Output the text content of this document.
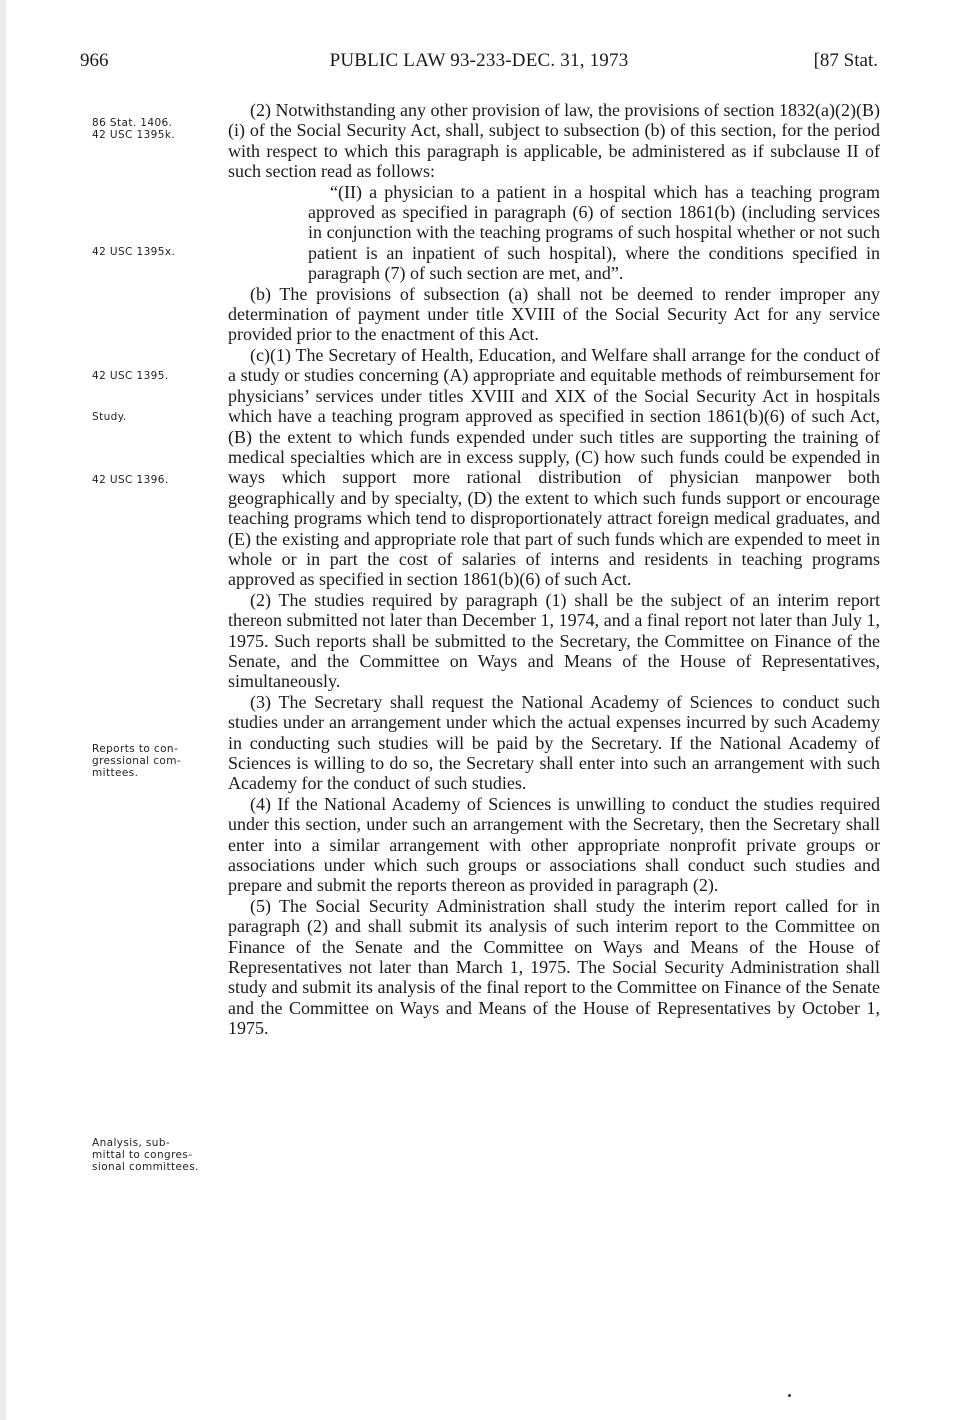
966	PUBLIC LAW 93-233-DEC. 31, 1973	[87 Stat.
86 Stat. 1406.
42 USC 1395k.
42 USC 1395x.
42 USC 1395.
Study.
42 USC 1396.
Reports to con-
gressional com-
mittees.
Analysis, sub-
mittal to congres-
sional committees.

(2) Notwithstanding any other provision of law, the provisions of section 1832(a)(2)(B)(i) of the Social Security Act, shall, subject to subsection (b) of this section, for the period with respect to which this paragraph is applicable, be administered as if subclause II of such section read as follows:

“(II) a physician to a patient in a hospital which has a teaching program approved as specified in paragraph (6) of section 1861(b) (including services in conjunction with the teaching programs of such hospital whether or not such patient is an inpatient of such hospital), where the conditions specified in paragraph (7) of such section are met, and”.

(b) The provisions of subsection (a) shall not be deemed to render improper any determination of payment under title XVIII of the Social Security Act for any service provided prior to the enactment of this Act.

(c)(1) The Secretary of Health, Education, and Welfare shall arrange for the conduct of a study or studies concerning (A) appropriate and equitable methods of reimbursement for physicians’ services under titles XVIII and XIX of the Social Security Act in hospitals which have a teaching program approved as specified in section 1861(b)(6) of such Act, (B) the extent to which funds expended under such titles are supporting the training of medical specialties which are in excess supply, (C) how such funds could be expended in ways which support more rational distribution of physician manpower both geographically and by specialty, (D) the extent to which such funds support or encourage teaching programs which tend to disproportionately attract foreign medical graduates, and (E) the existing and appropriate role that part of such funds which are expended to meet in whole or in part the cost of salaries of interns and residents in teaching programs approved as specified in section 1861(b)(6) of such Act.

(2) The studies required by paragraph (1) shall be the subject of an interim report thereon submitted not later than December 1, 1974, and a final report not later than July 1, 1975. Such reports shall be submitted to the Secretary, the Committee on Finance of the Senate, and the Committee on Ways and Means of the House of Representatives, simultaneously.

(3) The Secretary shall request the National Academy of Sciences to conduct such studies under an arrangement under which the actual expenses incurred by such Academy in conducting such studies will be paid by the Secretary. If the National Academy of Sciences is willing to do so, the Secretary shall enter into such an arrangement with such Academy for the conduct of such studies.

(4) If the National Academy of Sciences is unwilling to conduct the studies required under this section, under such an arrangement with the Secretary, then the Secretary shall enter into a similar arrangement with other appropriate nonprofit private groups or associations under which such groups or associations shall conduct such studies and prepare and submit the reports thereon as provided in paragraph (2).

(5) The Social Security Administration shall study the interim report called for in paragraph (2) and shall submit its analysis of such interim report to the Committee on Finance of the Senate and the Committee on Ways and Means of the House of Representatives not later than March 1, 1975. The Social Security Administration shall study and submit its analysis of the final report to the Committee on Finance of the Senate and the Committee on Ways and Means of the House of Representatives by October 1, 1975.
